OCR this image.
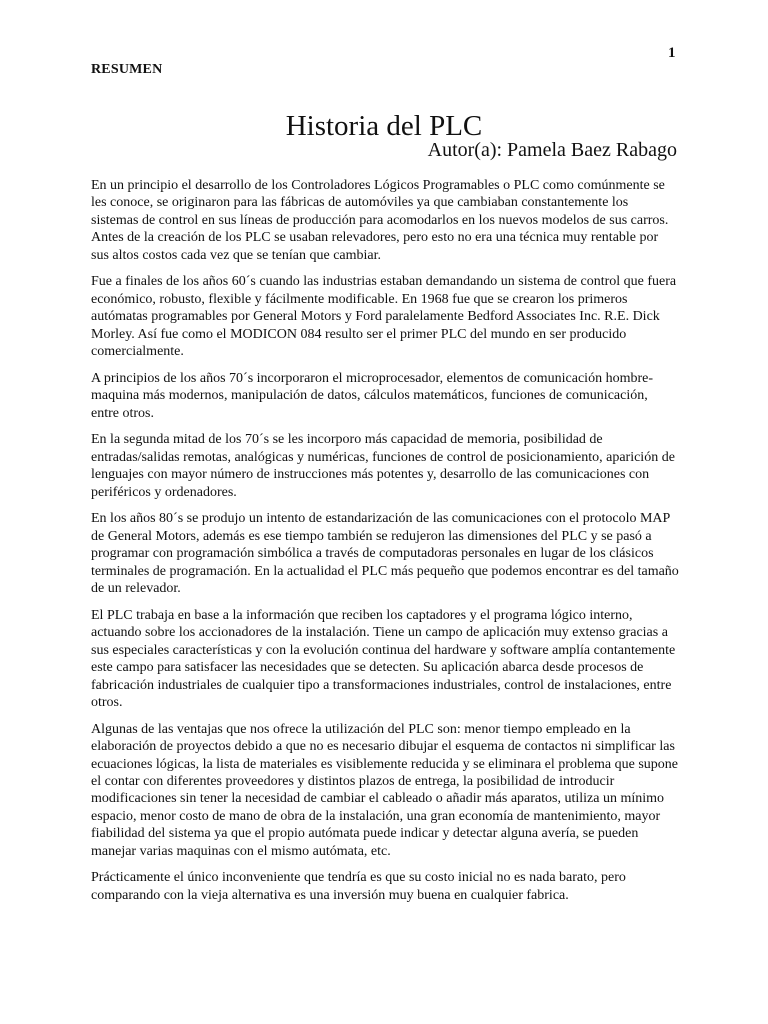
1
RESUMEN
Historia del PLC
Autor(a): Pamela Baez Rabago

En un principio el desarrollo de los Controladores Lógicos Programables o PLC como comúnmente se les conoce, se originaron para las fábricas de automóviles ya que cambiaban constantemente los sistemas de control en sus líneas de producción para acomodarlos en los nuevos modelos de sus carros. Antes de la creación de los PLC se usaban relevadores, pero esto no era una técnica muy rentable por sus altos costos cada vez que se tenían que cambiar.

Fue a finales de los años 60´s cuando las industrias estaban demandando un sistema de control que fuera económico, robusto, flexible y fácilmente modificable. En 1968 fue que se crearon los primeros autómatas programables por General Motors y Ford paralelamente Bedford Associates Inc. R.E. Dick Morley. Así fue como el MODICON 084 resulto ser el primer PLC del mundo en ser producido comercialmente.

A principios de los años 70´s incorporaron el microprocesador, elementos de comunicación hombre-maquina más modernos, manipulación de datos, cálculos matemáticos, funciones de comunicación, entre otros.

En la segunda mitad de los 70´s se les incorporo más capacidad de memoria, posibilidad de entradas/salidas remotas, analógicas y numéricas, funciones de control de posicionamiento, aparición de lenguajes con mayor número de instrucciones más potentes y, desarrollo de las comunicaciones con periféricos y ordenadores.

En los años 80´s se produjo un intento de estandarización de las comunicaciones con el protocolo MAP de General Motors, además es ese tiempo también se redujeron las dimensiones del PLC y se pasó a programar con programación simbólica a través de computadoras personales en lugar de los clásicos terminales de programación. En la actualidad el PLC más pequeño que podemos encontrar es del tamaño de un relevador.

El PLC trabaja en base a la información que reciben los captadores y el programa lógico interno, actuando sobre los accionadores de la instalación. Tiene un campo de aplicación muy extenso gracias a sus especiales características y con la evolución continua del hardware y software amplía contantemente este campo para satisfacer las necesidades que se detecten. Su aplicación abarca desde procesos de fabricación industriales de cualquier tipo a transformaciones industriales, control de instalaciones, entre otros.

Algunas de las ventajas que nos ofrece la utilización del PLC son: menor tiempo empleado en la elaboración de proyectos debido a que no es necesario dibujar el esquema de contactos ni simplificar las ecuaciones lógicas, la lista de materiales es visiblemente reducida y se eliminara el problema que supone el contar con diferentes proveedores y distintos plazos de entrega, la posibilidad de introducir modificaciones sin tener la necesidad de cambiar el cableado o añadir más aparatos, utiliza un mínimo espacio, menor costo de mano de obra de la instalación, una gran economía de mantenimiento, mayor fiabilidad del sistema ya que el propio autómata puede indicar y detectar alguna avería, se pueden manejar varias maquinas con el mismo autómata, etc.

Prácticamente el único inconveniente que tendría es que su costo inicial no es nada barato, pero comparando con la vieja alternativa es una inversión muy buena en cualquier fabrica.
